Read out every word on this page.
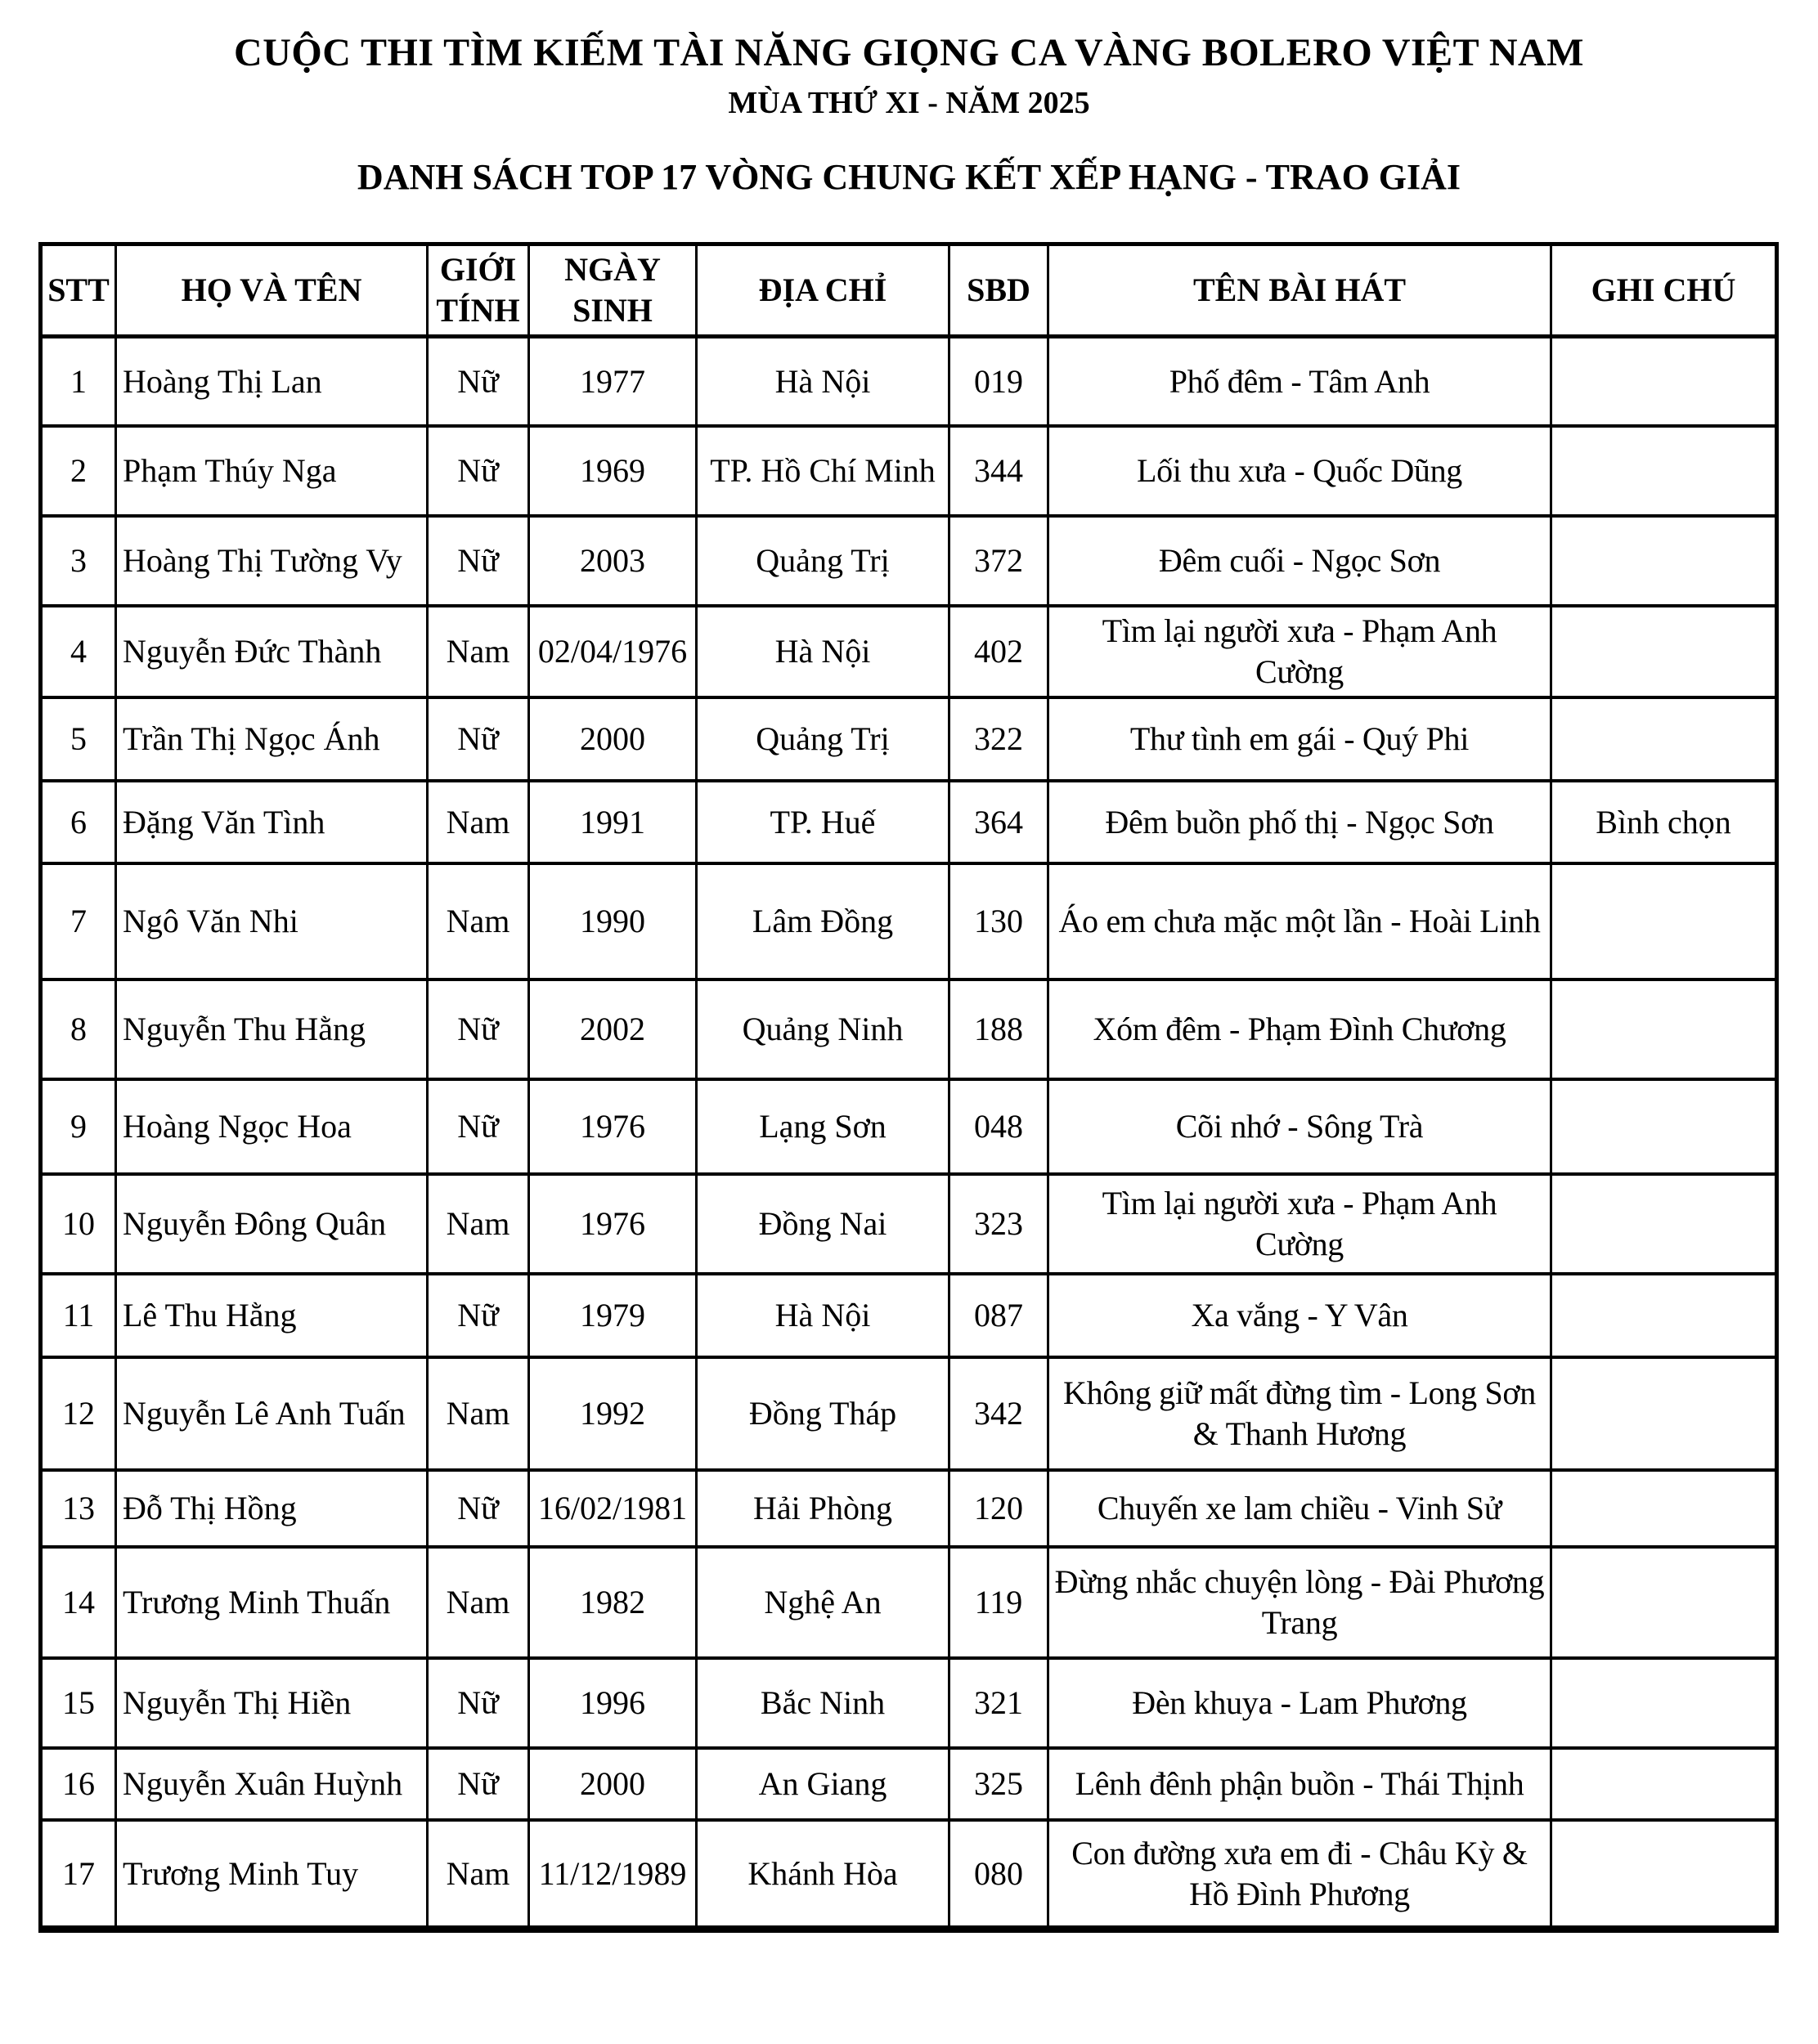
CUỘC THI TÌM KIẾM TÀI NĂNG GIỌNG CA VÀNG BOLERO VIỆT NAM
MÙA THỨ XI - NĂM 2025
DANH SÁCH TOP 17 VÒNG CHUNG KẾT XẾP HẠNG - TRAO GIẢI
STT	HỌ VÀ TÊN	GIỚI TÍNH	NGÀY SINH	ĐỊA CHỈ	SBD	TÊN BÀI HÁT	GHI CHÚ
1	Hoàng Thị Lan	Nữ	1977	Hà Nội	019	Phố đêm - Tâm Anh	
2	Phạm Thúy Nga	Nữ	1969	TP. Hồ Chí Minh	344	Lối thu xưa - Quốc Dũng	
3	Hoàng Thị Tường Vy	Nữ	2003	Quảng Trị	372	Đêm cuối - Ngọc Sơn	
4	Nguyễn Đức Thành	Nam	02/04/1976	Hà Nội	402	Tìm lại người xưa - Phạm Anh Cường	
5	Trần Thị Ngọc Ánh	Nữ	2000	Quảng Trị	322	Thư tình em gái - Quý Phi	
6	Đặng Văn Tình	Nam	1991	TP. Huế	364	Đêm buồn phố thị - Ngọc Sơn	Bình chọn
7	Ngô Văn Nhi	Nam	1990	Lâm Đồng	130	Áo em chưa mặc một lần - Hoài Linh	
8	Nguyễn Thu Hằng	Nữ	2002	Quảng Ninh	188	Xóm đêm - Phạm Đình Chương	
9	Hoàng Ngọc Hoa	Nữ	1976	Lạng Sơn	048	Cõi nhớ - Sông Trà	
10	Nguyễn Đông Quân	Nam	1976	Đồng Nai	323	Tìm lại người xưa - Phạm Anh Cường	
11	Lê Thu Hằng	Nữ	1979	Hà Nội	087	Xa vắng - Y Vân	
12	Nguyễn Lê Anh Tuấn	Nam	1992	Đồng Tháp	342	Không giữ mất đừng tìm - Long Sơn & Thanh Hương	
13	Đỗ Thị Hồng	Nữ	16/02/1981	Hải Phòng	120	Chuyến xe lam chiều - Vinh Sử	
14	Trương Minh Thuấn	Nam	1982	Nghệ An	119	Đừng nhắc chuyện lòng - Đài Phương Trang	
15	Nguyễn Thị Hiền	Nữ	1996	Bắc Ninh	321	Đèn khuya - Lam Phương	
16	Nguyễn Xuân Huỳnh	Nữ	2000	An Giang	325	Lênh đênh phận buồn - Thái Thịnh	
17	Trương Minh Tuy	Nam	11/12/1989	Khánh Hòa	080	Con đường xưa em đi - Châu Kỳ & Hồ Đình Phương	
